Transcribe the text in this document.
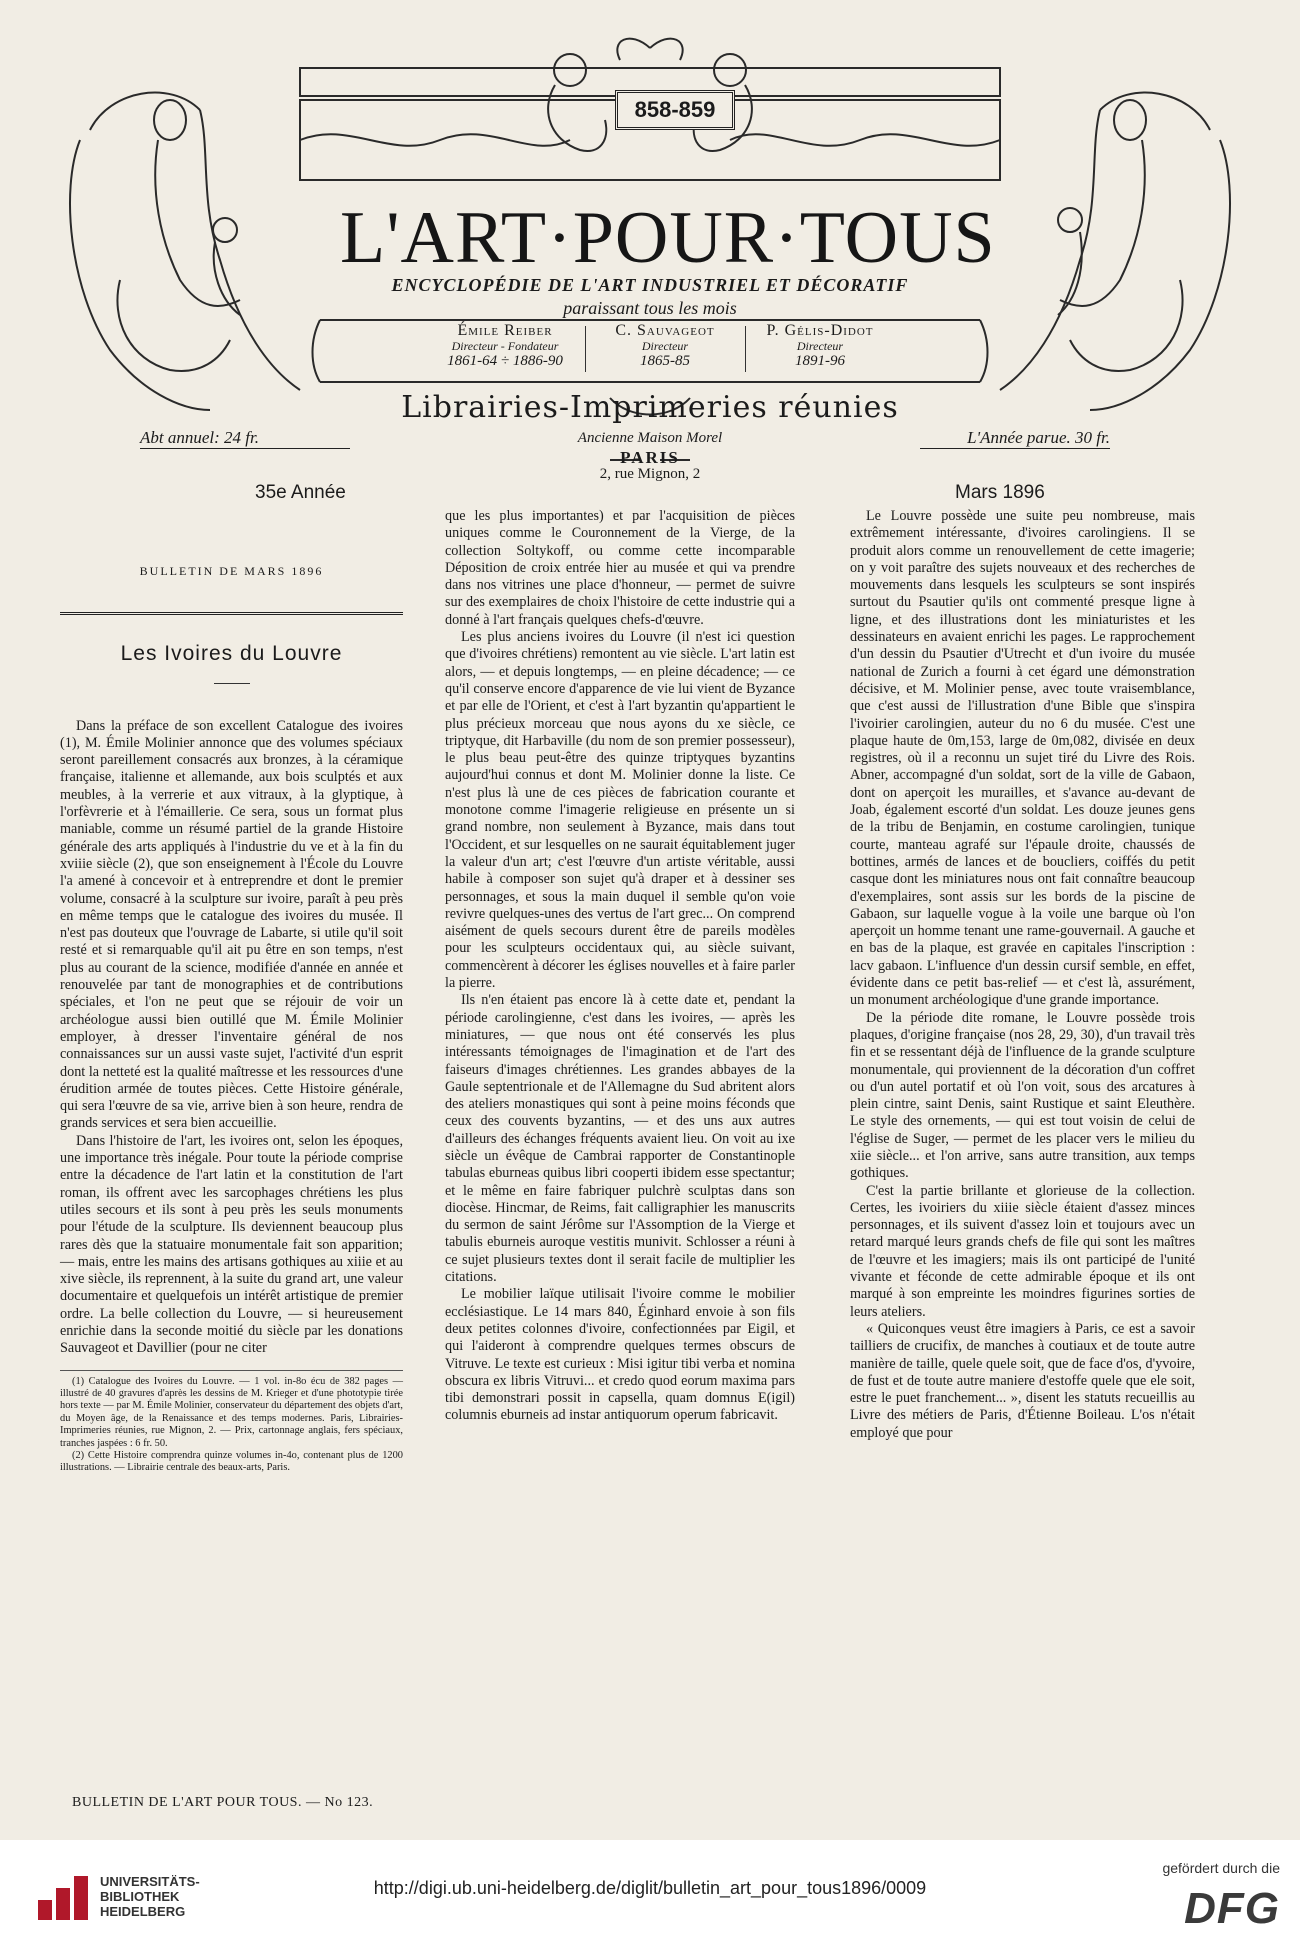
858-859
L'ART·POUR·TOUS
ENCYCLOPÉDIE DE L'ART INDUSTRIEL ET DÉCORATIF
paraissant tous les mois
Émile Reiber
Directeur - Fondateur
1861-64 ÷ 1886-90
C. Sauvageot
Directeur
1865-85
P. Gélis-Didot
Directeur
1891-96
Librairies-Imprimeries réunies
Abt annuel: 24 fr.	L'Année parue. 30 fr.
Ancienne Maison Morel
PARIS
2, rue Mignon, 2
35e Année	Mars 1896
BULLETIN DE MARS 1896
Les Ivoires du Louvre

Dans la préface de son excellent Catalogue des ivoires (1), M. Émile Molinier annonce que des volumes spéciaux seront pareillement consacrés aux bronzes, à la céramique française, italienne et allemande, aux bois sculptés et aux meubles, à la verrerie et aux vitraux, à la glyptique, à l'orfèvrerie et à l'émaillerie. Ce sera, sous un format plus maniable, comme un résumé partiel de la grande Histoire générale des arts appliqués à l'industrie du ve et à la fin du xviiie siècle (2), que son enseignement à l'École du Louvre l'a amené à concevoir et à entreprendre et dont le premier volume, consacré à la sculpture sur ivoire, paraît à peu près en même temps que le catalogue des ivoires du musée. Il n'est pas douteux que l'ouvrage de Labarte, si utile qu'il soit resté et si remarquable qu'il ait pu être en son temps, n'est plus au courant de la science, modifiée d'année en année et renouvelée par tant de monographies et de contributions spéciales, et l'on ne peut que se réjouir de voir un archéologue aussi bien outillé que M. Émile Molinier employer, à dresser l'inventaire général de nos connaissances sur un aussi vaste sujet, l'activité d'un esprit dont la netteté est la qualité maîtresse et les ressources d'une érudition armée de toutes pièces. Cette Histoire générale, qui sera l'œuvre de sa vie, arrive bien à son heure, rendra de grands services et sera bien accueillie.

Dans l'histoire de l'art, les ivoires ont, selon les époques, une importance très inégale. Pour toute la période comprise entre la décadence de l'art latin et la constitution de l'art roman, ils offrent avec les sarcophages chrétiens les plus utiles secours et ils sont à peu près les seuls monuments pour l'étude de la sculpture. Ils deviennent beaucoup plus rares dès que la statuaire monumentale fait son apparition; — mais, entre les mains des artisans gothiques au xiiie et au xive siècle, ils reprennent, à la suite du grand art, une valeur documentaire et quelquefois un intérêt artistique de premier ordre. La belle collection du Louvre, — si heureusement enrichie dans la seconde moitié du siècle par les donations Sauvageot et Davillier (pour ne citer

(1) Catalogue des Ivoires du Louvre. — 1 vol. in-8o écu de 382 pages — illustré de 40 gravures d'après les dessins de M. Krieger et d'une phototypie tirée hors texte — par M. Émile Molinier, conservateur du département des objets d'art, du Moyen âge, de la Renaissance et des temps modernes. Paris, Librairies-Imprimeries réunies, rue Mignon, 2. — Prix, cartonnage anglais, fers spéciaux, tranches jaspées : 6 fr. 50.

(2) Cette Histoire comprendra quinze volumes in-4o, contenant plus de 1200 illustrations. — Librairie centrale des beaux-arts, Paris.

que les plus importantes) et par l'acquisition de pièces uniques comme le Couronnement de la Vierge, de la collection Soltykoff, ou comme cette incomparable Déposition de croix entrée hier au musée et qui va prendre dans nos vitrines une place d'honneur, — permet de suivre sur des exemplaires de choix l'histoire de cette industrie qui a donné à l'art français quelques chefs-d'œuvre.

Les plus anciens ivoires du Louvre (il n'est ici question que d'ivoires chrétiens) remontent au vie siècle. L'art latin est alors, — et depuis longtemps, — en pleine décadence; — ce qu'il conserve encore d'apparence de vie lui vient de Byzance et par elle de l'Orient, et c'est à l'art byzantin qu'appartient le plus précieux morceau que nous ayons du xe siècle, ce triptyque, dit Harbaville (du nom de son premier possesseur), le plus beau peut-être des quinze triptyques byzantins aujourd'hui connus et dont M. Molinier donne la liste. Ce n'est plus là une de ces pièces de fabrication courante et monotone comme l'imagerie religieuse en présente un si grand nombre, non seulement à Byzance, mais dans tout l'Occident, et sur lesquelles on ne saurait équitablement juger la valeur d'un art; c'est l'œuvre d'un artiste véritable, aussi habile à composer son sujet qu'à draper et à dessiner ses personnages, et sous la main duquel il semble qu'on voie revivre quelques-unes des vertus de l'art grec... On comprend aisément de quels secours durent être de pareils modèles pour les sculpteurs occidentaux qui, au siècle suivant, commencèrent à décorer les églises nouvelles et à faire parler la pierre.

Ils n'en étaient pas encore là à cette date et, pendant la période carolingienne, c'est dans les ivoires, — après les miniatures, — que nous ont été conservés les plus intéressants témoignages de l'imagination et de l'art des faiseurs d'images chrétiennes. Les grandes abbayes de la Gaule septentrionale et de l'Allemagne du Sud abritent alors des ateliers monastiques qui sont à peine moins féconds que ceux des couvents byzantins, — et des uns aux autres d'ailleurs des échanges fréquents avaient lieu. On voit au ixe siècle un évêque de Cambrai rapporter de Constantinople tabulas eburneas quibus libri cooperti ibidem esse spectantur; et le même en faire fabriquer pulchrè sculptas dans son diocèse. Hincmar, de Reims, fait calligraphier les manuscrits du sermon de saint Jérôme sur l'Assomption de la Vierge et tabulis eburneis auroque vestitis munivit. Schlosser a réuni à ce sujet plusieurs textes dont il serait facile de multiplier les citations.

Le mobilier laïque utilisait l'ivoire comme le mobilier ecclésiastique. Le 14 mars 840, Éginhard envoie à son fils deux petites colonnes d'ivoire, confectionnées par Eigil, et qui l'aideront à comprendre quelques termes obscurs de Vitruve. Le texte est curieux : Misi igitur tibi verba et nomina obscura ex libris Vitruvi... et credo quod eorum maxima pars tibi demonstrari possit in capsella, quam domnus E(igil) columnis eburneis ad instar antiquorum operum fabricavit.

Le Louvre possède une suite peu nombreuse, mais extrêmement intéressante, d'ivoires carolingiens. Il se produit alors comme un renouvellement de cette imagerie; on y voit paraître des sujets nouveaux et des recherches de mouvements dans lesquels les sculpteurs se sont inspirés surtout du Psautier qu'ils ont commenté presque ligne à ligne, et des illustrations dont les miniaturistes et les dessinateurs en avaient enrichi les pages. Le rapprochement d'un dessin du Psautier d'Utrecht et d'un ivoire du musée national de Zurich a fourni à cet égard une démonstration décisive, et M. Molinier pense, avec toute vraisemblance, que c'est aussi de l'illustration d'une Bible que s'inspira l'ivoirier carolingien, auteur du no 6 du musée. C'est une plaque haute de 0m,153, large de 0m,082, divisée en deux registres, où il a reconnu un sujet tiré du Livre des Rois. Abner, accompagné d'un soldat, sort de la ville de Gabaon, dont on aperçoit les murailles, et s'avance au-devant de Joab, également escorté d'un soldat. Les douze jeunes gens de la tribu de Benjamin, en costume carolingien, tunique courte, manteau agrafé sur l'épaule droite, chaussés de bottines, armés de lances et de boucliers, coiffés du petit casque dont les miniatures nous ont fait connaître beaucoup d'exemplaires, sont assis sur les bords de la piscine de Gabaon, sur laquelle vogue à la voile une barque où l'on aperçoit un homme tenant une rame-gouvernail. A gauche et en bas de la plaque, est gravée en capitales l'inscription : lacv gabaon. L'influence d'un dessin cursif semble, en effet, évidente dans ce petit bas-relief — et c'est là, assurément, un monument archéologique d'une grande importance.

De la période dite romane, le Louvre possède trois plaques, d'origine française (nos 28, 29, 30), d'un travail très fin et se ressentant déjà de l'influence de la grande sculpture monumentale, qui proviennent de la décoration d'un coffret ou d'un autel portatif et où l'on voit, sous des arcatures à plein cintre, saint Denis, saint Rustique et saint Eleuthère. Le style des ornements, — qui est tout voisin de celui de l'église de Suger, — permet de les placer vers le milieu du xiie siècle... et l'on arrive, sans autre transition, aux temps gothiques.

C'est la partie brillante et glorieuse de la collection. Certes, les ivoiriers du xiiie siècle étaient d'assez minces personnages, et ils suivent d'assez loin et toujours avec un retard marqué leurs grands chefs de file qui sont les maîtres de l'œuvre et les imagiers; mais ils ont participé de l'unité vivante et féconde de cette admirable époque et ils ont marqué à son empreinte les moindres figurines sorties de leurs ateliers.

« Quiconques veust être imagiers à Paris, ce est a savoir tailliers de crucifix, de manches à coutiaux et de toute autre manière de taille, quele quele soit, que de face d'os, d'yvoire, de fust et de toute autre maniere d'estoffe quele que ele soit, estre le puet franchement... », disent les statuts recueillis au Livre des métiers de Paris, d'Étienne Boileau. L'os n'était employé que pour

BULLETIN DE L'ART POUR TOUS. — No 123.
UNIVERSITÄTS-
BIBLIOTHEK
HEIDELBERG
http://digi.ub.uni-heidelberg.de/diglit/bulletin_art_pour_tous1896/0009
gefördert durch die
DFG
